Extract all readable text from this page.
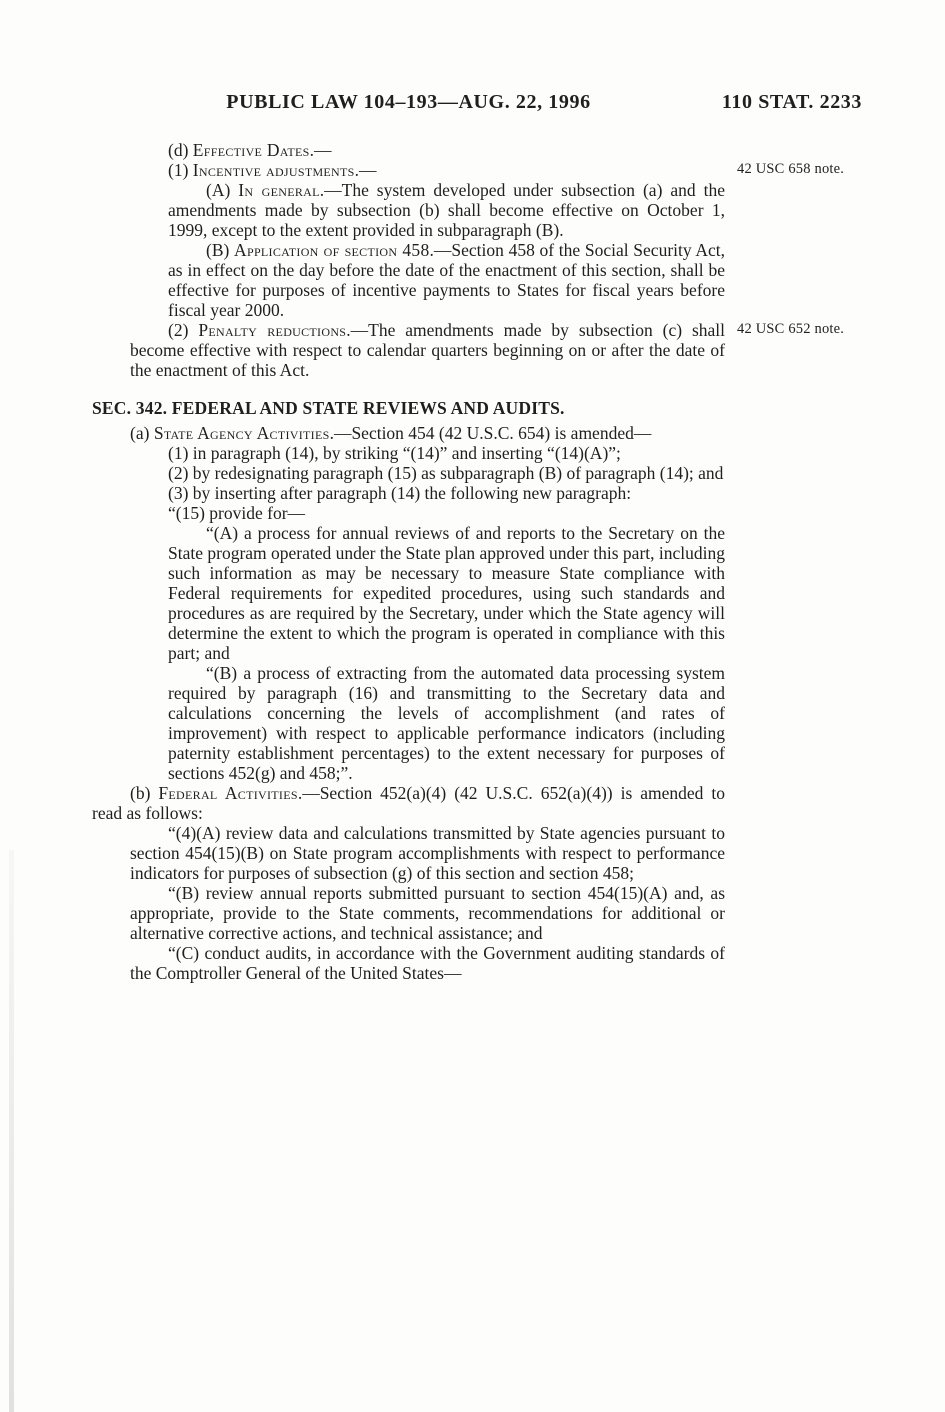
PUBLIC LAW 104–193—AUG. 22, 1996	110 STAT. 2233

(d) Effective Dates.—

(1) Incentive adjustments.—	42 USC 658 note.

(A) In general.—The system developed under subsection (a) and the amendments made by subsection (b) shall become effective on October 1, 1999, except to the extent provided in subparagraph (B).

(B) Application of section 458.—Section 458 of the Social Security Act, as in effect on the day before the date of the enactment of this section, shall be effective for purposes of incentive payments to States for fiscal years before fiscal year 2000.

(2) Penalty reductions.—The amendments made by subsection (c) shall become effective with respect to calendar quarters beginning on or after the date of the enactment of this Act.
42 USC 652 note.

SEC. 342. FEDERAL AND STATE REVIEWS AND AUDITS.

(a) State Agency Activities.—Section 454 (42 U.S.C. 654) is amended—

(1) in paragraph (14), by striking “(14)” and inserting “(14)(A)”;

(2) by redesignating paragraph (15) as subparagraph (B) of paragraph (14); and

(3) by inserting after paragraph (14) the following new paragraph:

“(15) provide for—

“(A) a process for annual reviews of and reports to the Secretary on the State program operated under the State plan approved under this part, including such information as may be necessary to measure State compliance with Federal requirements for expedited procedures, using such standards and procedures as are required by the Secretary, under which the State agency will determine the extent to which the program is operated in compliance with this part; and

“(B) a process of extracting from the automated data processing system required by paragraph (16) and transmitting to the Secretary data and calculations concerning the levels of accomplishment (and rates of improvement) with respect to applicable performance indicators (including paternity establishment percentages) to the extent necessary for purposes of sections 452(g) and 458;”.

(b) Federal Activities.—Section 452(a)(4) (42 U.S.C. 652(a)(4)) is amended to read as follows:

“(4)(A) review data and calculations transmitted by State agencies pursuant to section 454(15)(B) on State program accomplishments with respect to performance indicators for purposes of subsection (g) of this section and section 458;

“(B) review annual reports submitted pursuant to section 454(15)(A) and, as appropriate, provide to the State comments, recommendations for additional or alternative corrective actions, and technical assistance; and

“(C) conduct audits, in accordance with the Government auditing standards of the Comptroller General of the United States—
